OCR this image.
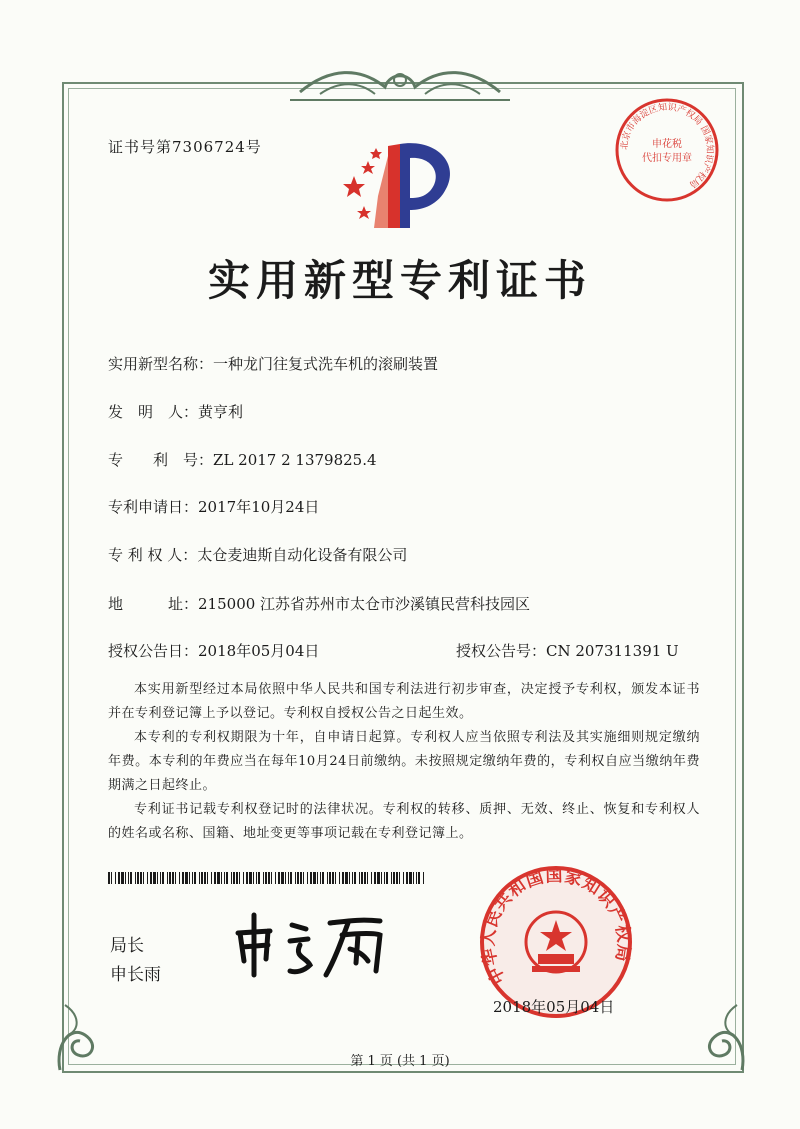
证书号第7306724号
实用新型专利证书
实用新型名称：一种龙门往复式洗车机的滚刷装置
发　明　人：黄亨利
专　　利　号：ZL 2017 2 1379825.4
专利申请日：2017年10月24日
专 利 权 人：太仓麦迪斯自动化设备有限公司
地　　　址：215000 江苏省苏州市太仓市沙溪镇民营科技园区
授权公告日：2018年05月04日	授权公告号：CN 207311391 U

本实用新型经过本局依照中华人民共和国专利法进行初步审查，决定授予专利权，颁发本证书并在专利登记簿上予以登记。专利权自授权公告之日起生效。

本专利的专利权期限为十年，自申请日起算。专利权人应当依照专利法及其实施细则规定缴纳年费。本专利的年费应当在每年10月24日前缴纳。未按照规定缴纳年费的，专利权自应当缴纳年费期满之日起终止。

专利证书记载专利权登记时的法律状况。专利权的转移、质押、无效、终止、恢复和专利权人的姓名或名称、国籍、地址变更等事项记载在专利登记簿上。

局长
申长雨
北京市海淀区知识产权局 国家知识产权局
申花税
代扣专用章
中华人民共和国国家知识产权局
2018年05月04日
第 1 页 (共 1 页)
